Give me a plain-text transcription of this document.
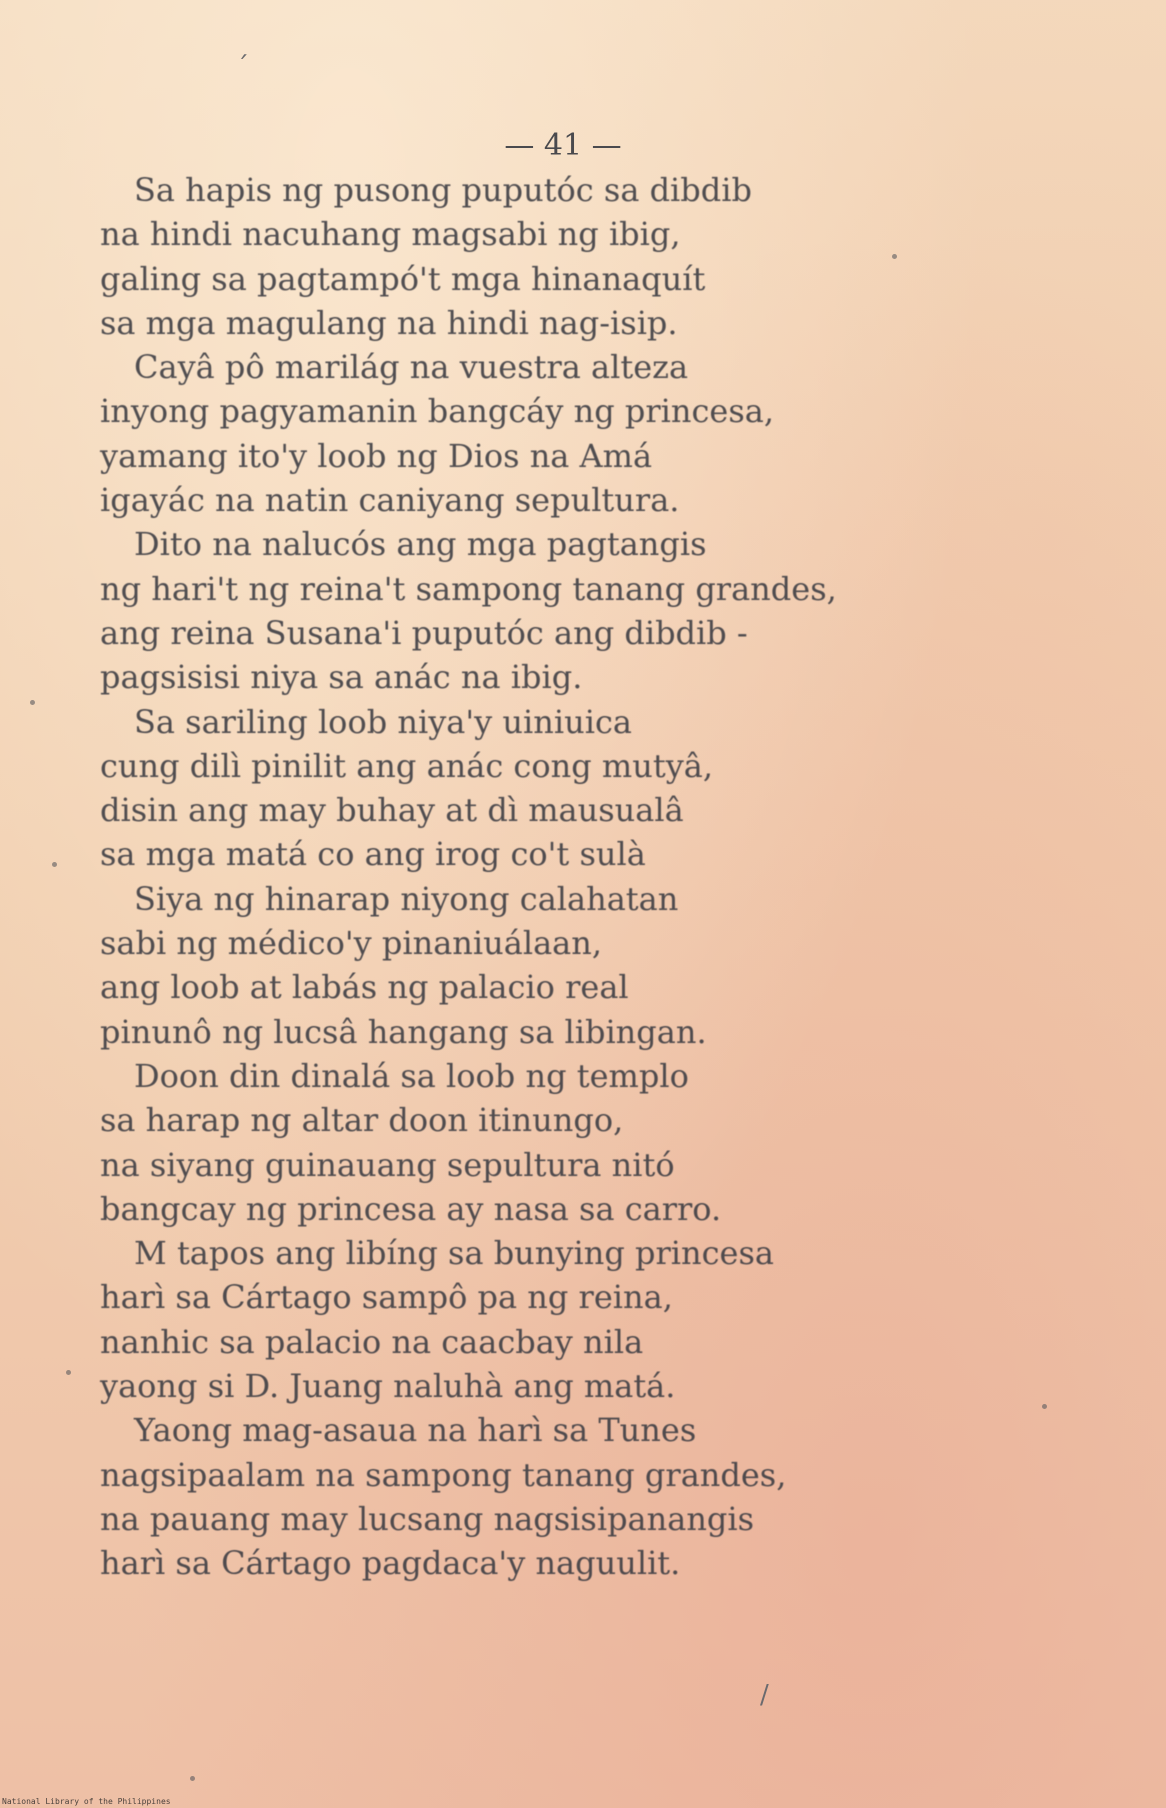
— 41 —
Sa hapis ng pusong puputóc sa dibdib
na hindi nacuhang magsabi ng ibig,
galing sa pagtampó't mga hinanaquít
sa mga magulang na hindi nag-isip.
Cayâ pô marilág na vuestra alteza
inyong pagyamanin bangcáy ng princesa,
yamang ito'y loob ng Dios na Amá
igayác na natin caniyang sepultura.
Dito na nalucós ang mga pagtangis
ng hari't ng reina't sampong tanang grandes,
ang reina Susana'i puputóc ang dibdib -
pagsisisi niya sa anác na ibig.
Sa sariling loob niya'y uiniuica
cung dilì pinilit ang anác cong mutyâ,
disin ang may buhay at dì mausualâ
sa mga matá co ang irog co't sulà
Siya ng hinarap niyong calahatan
sabi ng médico'y pinaniuálaan,
ang loob at labás ng palacio real
pinunô ng lucsâ hangang sa libingan.
Doon din dinalá sa loob ng templo
sa harap ng altar doon itinungo,
na siyang guinauang sepultura nitó
bangcay ng princesa ay nasa sa carro.
M tapos ang libíng sa bunying princesa
harì sa Cártago sampô pa ng reina,
nanhic sa palacio na caacbay nila
yaong si D. Juang naluhà ang matá.
Yaong mag-asaua na harì sa Tunes
nagsipaalam na sampong tanang grandes,
na pauang may lucsang nagsisipanangis
harì sa Cártago pagdaca'y naguulit.
´
/
National Library of the Philippines
